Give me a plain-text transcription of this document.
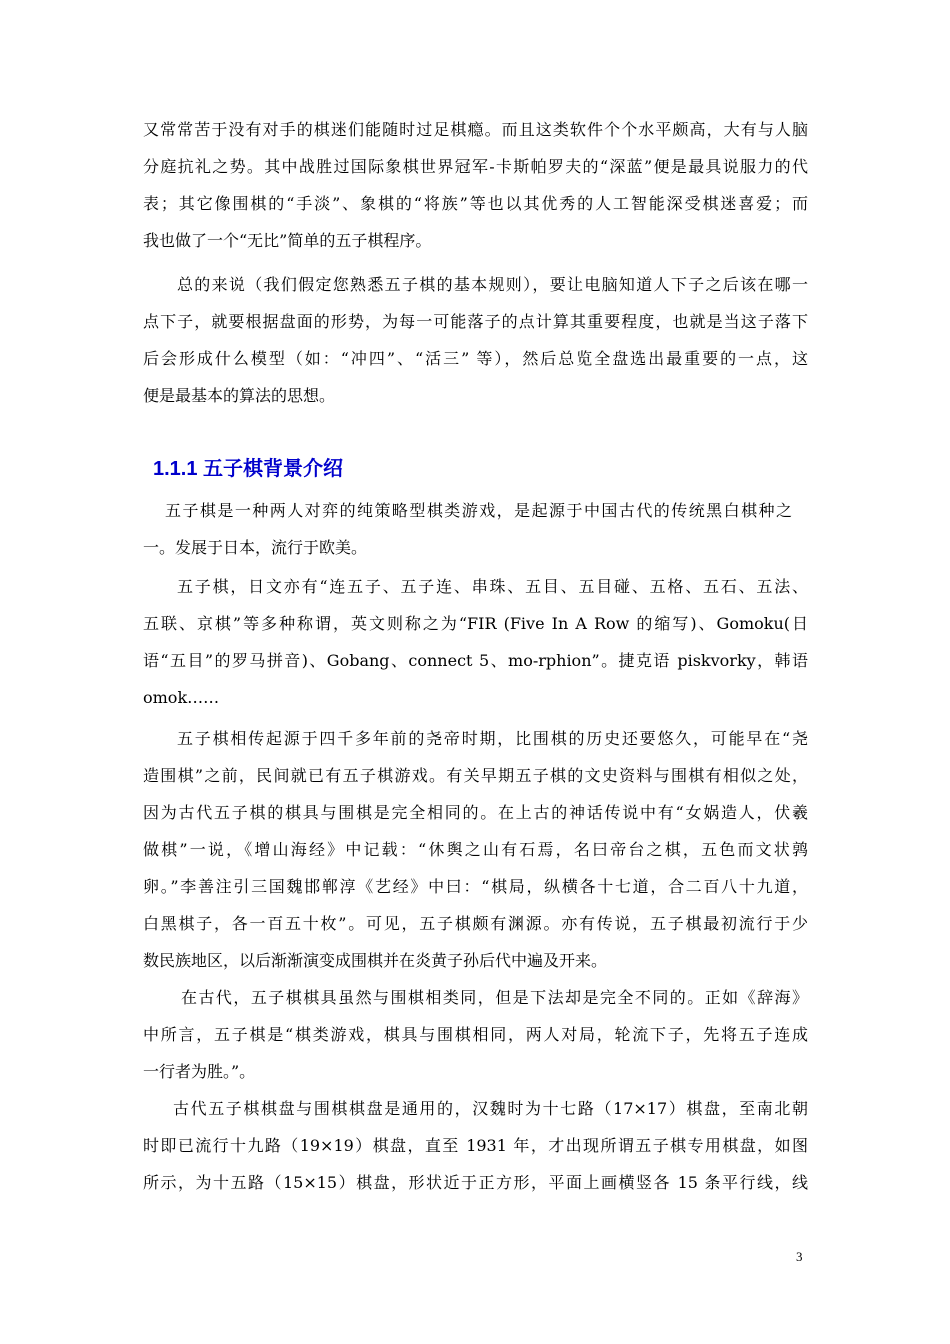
又常常苦于没有对手的棋迷们能随时过足棋瘾。而且这类软件个个水平颇高，大有与人脑
分庭抗礼之势。其中战胜过国际象棋世界冠军-卡斯帕罗夫的“深蓝”便是最具说服力的代
表；其它像围棋的“手淡”、象棋的“将族”等也以其优秀的人工智能深受棋迷喜爱；而
我也做了一个“无比”简单的五子棋程序。
总的来说（我们假定您熟悉五子棋的基本规则），要让电脑知道人下子之后该在哪一
点下子，就要根据盘面的形势，为每一可能落子的点计算其重要程度，也就是当这子落下
后会形成什么模型（如：“冲四”、“活三” 等），然后总览全盘选出最重要的一点，这
便是最基本的算法的思想。
1.1.1 五子棋背景介绍
五子棋是一种两人对弈的纯策略型棋类游戏，是起源于中国古代的传统黑白棋种之
一。发展于日本，流行于欧美。
五子棋，日文亦有“连五子、五子连、串珠、五目、五目碰、五格、五石、五法、
五联、京棋”等多种称谓，英文则称之为“FIR (Five In A Row 的缩写)、Gomoku(日
语“五目”的罗马拼音)、Gobang、connect 5、mo-rphion”。捷克语 piskvorky，韩语
omok……
五子棋相传起源于四千多年前的尧帝时期，比围棋的历史还要悠久，可能早在“尧
造围棋”之前，民间就已有五子棋游戏。有关早期五子棋的文史资料与围棋有相似之处，
因为古代五子棋的棋具与围棋是完全相同的。在上古的神话传说中有“女娲造人，伏羲
做棋”一说，《增山海经》中记载：“休舆之山有石焉，名曰帝台之棋，五色而文状鹑
卵。”李善注引三国魏邯郸淳《艺经》中曰：“棋局，纵横各十七道，合二百八十九道，
白黑棋子，各一百五十枚”。可见，五子棋颇有渊源。亦有传说，五子棋最初流行于少
数民族地区，以后渐渐演变成围棋并在炎黄子孙后代中遍及开来。
在古代，五子棋棋具虽然与围棋相类同，但是下法却是完全不同的。正如《辞海》
中所言，五子棋是“棋类游戏，棋具与围棋相同，两人对局，轮流下子，先将五子连成
一行者为胜。”。
古代五子棋棋盘与围棋棋盘是通用的，汉魏时为十七路（17×17）棋盘，至南北朝
时即已流行十九路（19×19）棋盘，直至 1931 年，才出现所谓五子棋专用棋盘，如图
所示，为十五路（15×15）棋盘，形状近于正方形，平面上画横竖各 15 条平行线，线
3
